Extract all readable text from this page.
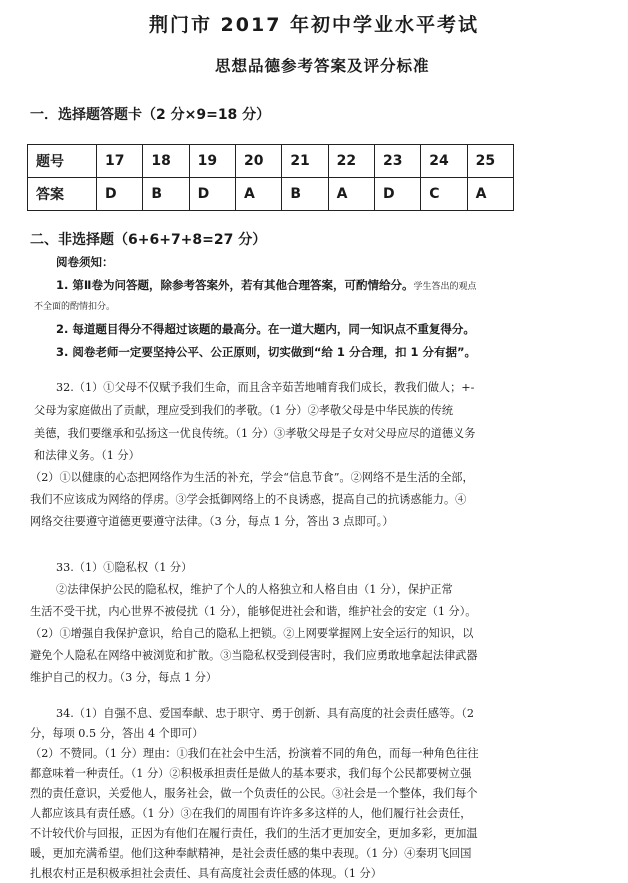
荆门市 2017 年初中学业水平考试
思想品德参考答案及评分标准
一．选择题答题卡（2 分×9=18 分）
题号	17	18	19	20	21	22	23	24	25
答案	D	B	D	A	B	A	D	C	A
二、非选择题（6+6+7+8=27 分）
阅卷须知：
1. 第Ⅱ卷为问答题，除参考答案外，若有其他合理答案，可酌情给分。学生答出的观点
不全面的酌情扣分。
2. 每道题目得分不得超过该题的最高分。在一道大题内，同一知识点不重复得分。
3. 阅卷老师一定要坚持公平、公正原则，切实做到“给 1 分合理，扣 1 分有据”。
32.（1）①父母不仅赋予我们生命，而且含辛茹苦地哺育我们成长，教我们做人；+-
父母为家庭做出了贡献，理应受到我们的孝敬。（1 分）②孝敬父母是中华民族的传统
美德，我们要继承和弘扬这一优良传统。（1 分）③孝敬父母是子女对父母应尽的道德义务
和法律义务。（1 分）
（2）①以健康的心态把网络作为生活的补充，学会“信息节食”。②网络不是生活的全部，
我们不应该成为网络的俘虏。③学会抵御网络上的不良诱惑，提高自己的抗诱惑能力。④
网络交往要遵守道德更要遵守法律。（3 分，每点 1 分，答出 3 点即可。）
33.（1）①隐私权（1 分）
②法律保护公民的隐私权，维护了个人的人格独立和人格自由（1 分），保护正常
生活不受干扰，内心世界不被侵扰（1 分），能够促进社会和谐，维护社会的安定（1 分）。
（2）①增强自我保护意识，给自己的隐私上把锁。②上网要掌握网上安全运行的知识，以
避免个人隐私在网络中被浏览和扩散。③当隐私权受到侵害时，我们应勇敢地拿起法律武器
维护自己的权力。（3 分，每点 1 分）
34.（1）自强不息、爱国奉献、忠于职守、勇于创新、具有高度的社会责任感等。（2
分，每项 0.5 分，答出 4 个即可）
（2）不赞同。（1 分）理由：①我们在社会中生活，扮演着不同的角色，而每一种角色往往
都意味着一种责任。（1 分）②积极承担责任是做人的基本要求，我们每个公民都要树立强
烈的责任意识，关爱他人，服务社会，做一个负责任的公民。③社会是一个整体，我们每个
人都应该具有责任感。（1 分）③在我们的周围有许许多多这样的人，他们履行社会责任，
不计较代价与回报，正因为有他们在履行责任，我们的生活才更加安全，更加多彩，更加温
暖，更加充满希望。他们这种奉献精神，是社会责任感的集中表现。（1 分）④秦玥飞回国
扎根农村正是积极承担社会责任、具有高度社会责任感的体现。（1 分）
